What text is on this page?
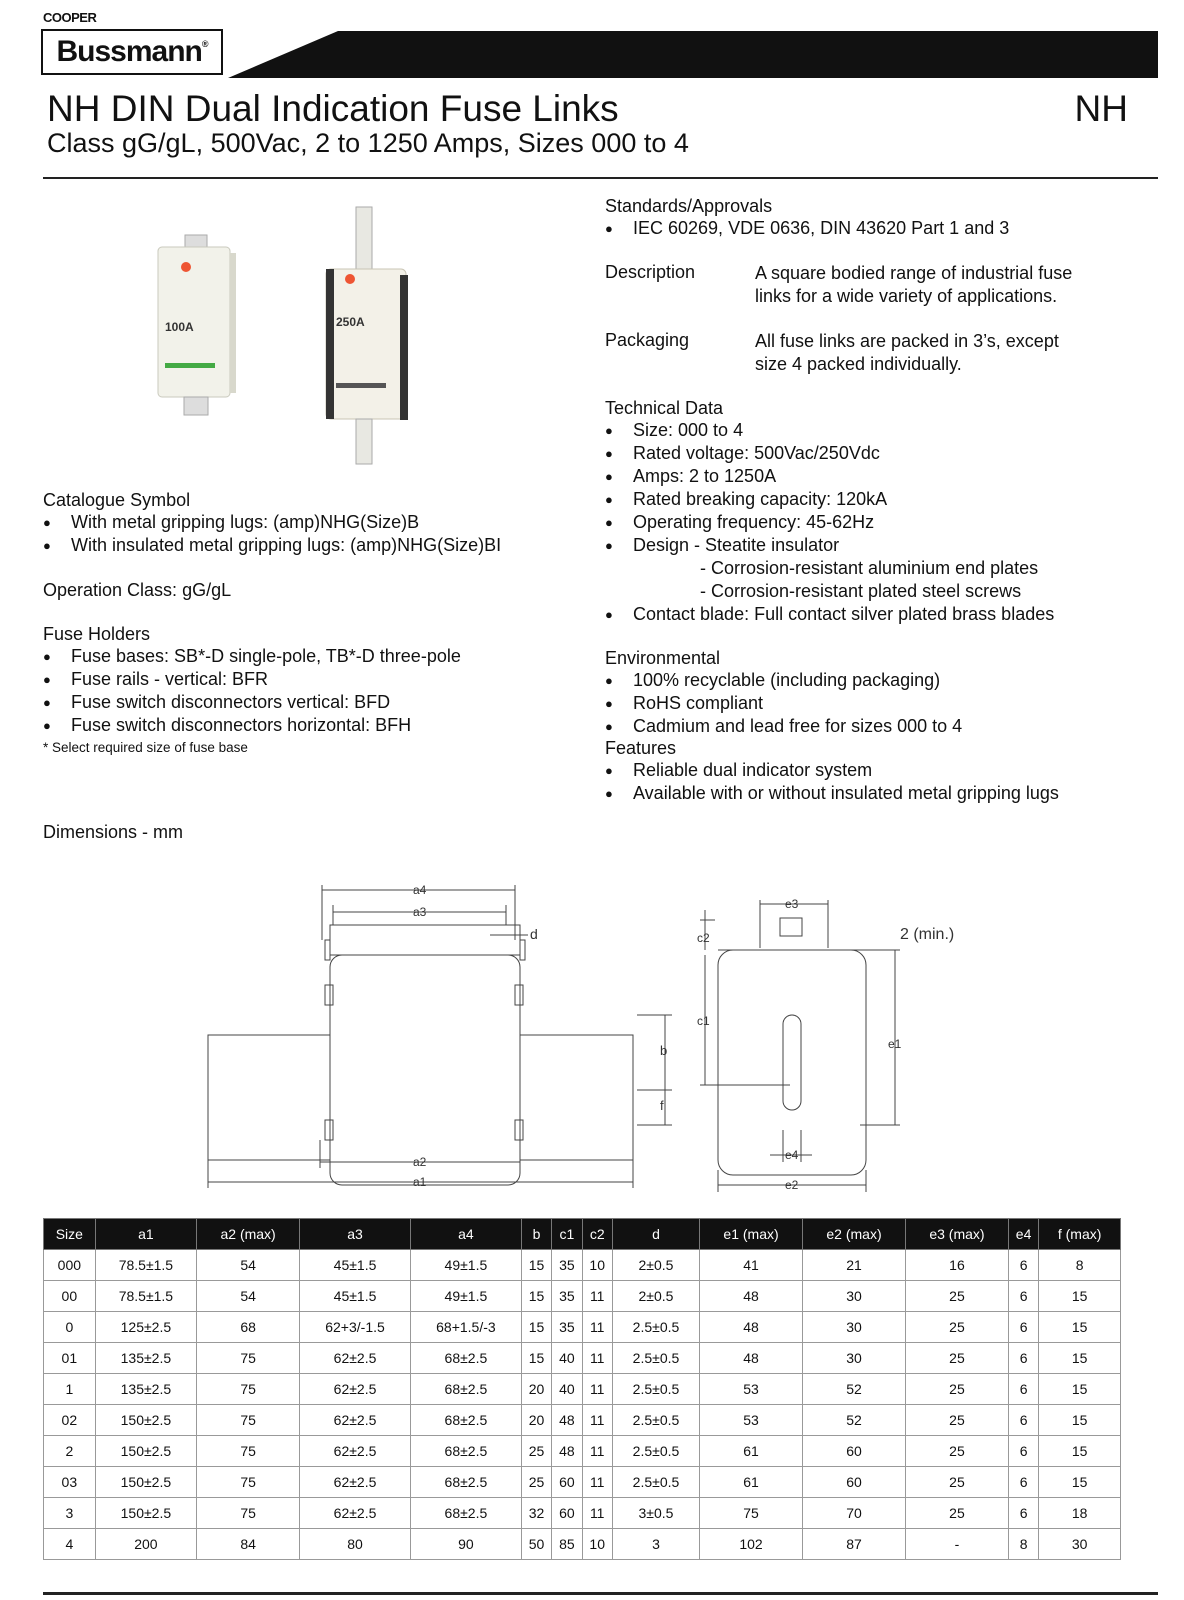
COOPER
Bussmann ®
NH DIN Dual Indication Fuse Links
Class gG/gL, 500Vac, 2 to 1250 Amps, Sizes 000 to 4
NH
100A	250A
Catalogue Symbol
● With metal gripping lugs: (amp)NHG(Size)B
● With insulated metal gripping lugs: (amp)NHG(Size)BI
Operation Class: gG/gL
Fuse Holders
● Fuse bases: SB*-D single-pole, TB*-D three-pole
● Fuse rails - vertical: BFR
● Fuse switch disconnectors vertical: BFD
● Fuse switch disconnectors horizontal: BFH
* Select required size of fuse base
Dimensions - mm
Standards/Approvals
● IEC 60269, VDE 0636, DIN 43620 Part 1 and 3
Description	A square bodied range of industrial fuse
links for a wide variety of applications.
Packaging	All fuse links are packed in 3’s, except
size 4 packed individually.
Technical Data
● Size: 000 to 4
● Rated voltage: 500Vac/250Vdc
● Amps: 2 to 1250A
● Rated breaking capacity: 120kA
● Operating frequency: 45-62Hz
● Design - Steatite insulator
- Corrosion-resistant aluminium end plates
- Corrosion-resistant plated steel screws
● Contact blade: Full contact silver plated brass blades
Environmental
● 100% recyclable (including packaging)
● RoHS compliant
● Cadmium and lead free for sizes 000 to 4
Features
● Reliable dual indicator system
● Available with or without insulated metal gripping lugs
a4
a3
d
b
f
a2
a1
e3
c2
c1
e1
e4
e2
2 (min.)
Size	a1	a2 (max)	a3	a4	b	c1	c2	d	e1 (max)	e2 (max)	e3 (max)	e4	f (max)
000	78.5±1.5	54	45±1.5	49±1.5	15	35	10	2±0.5	41	21	16	6	8
00	78.5±1.5	54	45±1.5	49±1.5	15	35	11	2±0.5	48	30	25	6	15
0	125±2.5	68	62+3/-1.5	68+1.5/-3	15	35	11	2.5±0.5	48	30	25	6	15
01	135±2.5	75	62±2.5	68±2.5	15	40	11	2.5±0.5	48	30	25	6	15
1	135±2.5	75	62±2.5	68±2.5	20	40	11	2.5±0.5	53	52	25	6	15
02	150±2.5	75	62±2.5	68±2.5	20	48	11	2.5±0.5	53	52	25	6	15
2	150±2.5	75	62±2.5	68±2.5	25	48	11	2.5±0.5	61	60	25	6	15
03	150±2.5	75	62±2.5	68±2.5	25	60	11	2.5±0.5	61	60	25	6	15
3	150±2.5	75	62±2.5	68±2.5	32	60	11	3±0.5	75	70	25	6	18
4	200	84	80	90	50	85	10	3	102	87	-	8	30
